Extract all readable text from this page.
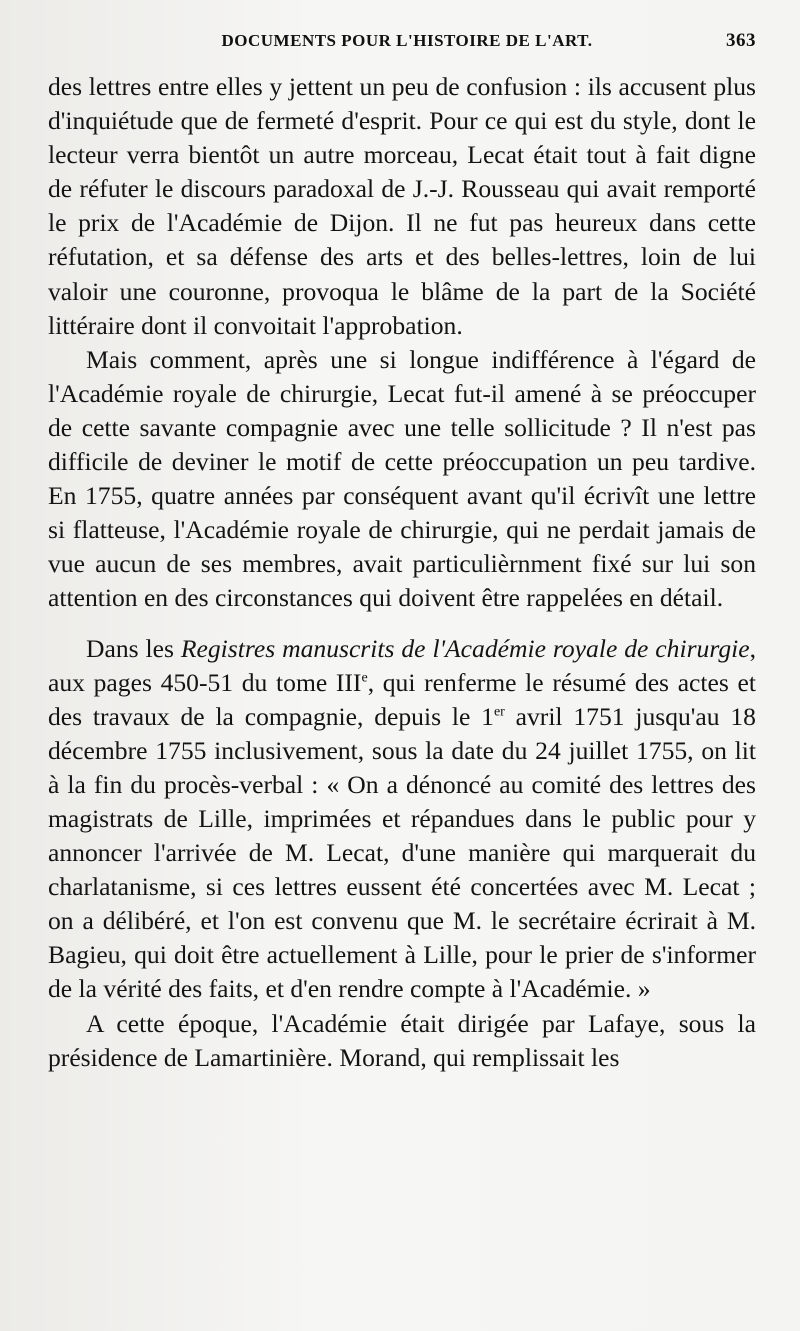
DOCUMENTS POUR L'HISTOIRE DE L'ART.	363

des lettres entre elles y jettent un peu de confusion : ils accusent plus d'inquiétude que de fermeté d'esprit. Pour ce qui est du style, dont le lecteur verra bientôt un autre morceau, Lecat était tout à fait digne de réfuter le discours paradoxal de J.-J. Rousseau qui avait remporté le prix de l'Académie de Dijon. Il ne fut pas heureux dans cette réfutation, et sa défense des arts et des belles-lettres, loin de lui valoir une couronne, provoqua le blâme de la part de la Société littéraire dont il convoitait l'approbation.

Mais comment, après une si longue indifférence à l'égard de l'Académie royale de chirurgie, Lecat fut-il amené à se préoccuper de cette savante compagnie avec une telle sollicitude ? Il n'est pas difficile de deviner le motif de cette préoccupation un peu tardive. En 1755, quatre années par conséquent avant qu'il écrivît une lettre si flatteuse, l'Académie royale de chirurgie, qui ne perdait jamais de vue aucun de ses membres, avait particulièrnment fixé sur lui son attention en des circonstances qui doivent être rappelées en détail.

Dans les Registres manuscrits de l'Académie royale de chirurgie, aux pages 450-51 du tome IIIe, qui renferme le résumé des actes et des travaux de la compagnie, depuis le 1er avril 1751 jusqu'au 18 décembre 1755 inclusivement, sous la date du 24 juillet 1755, on lit à la fin du procès-verbal : « On a dénoncé au comité des lettres des magistrats de Lille, imprimées et répandues dans le public pour y annoncer l'arrivée de M. Lecat, d'une manière qui marquerait du charlatanisme, si ces lettres eussent été concertées avec M. Lecat ; on a délibéré, et l'on est convenu que M. le secrétaire écrirait à M. Bagieu, qui doit être actuellement à Lille, pour le prier de s'informer de la vérité des faits, et d'en rendre compte à l'Académie. »

A cette époque, l'Académie était dirigée par Lafaye, sous la présidence de Lamartinière. Morand, qui remplissait les
